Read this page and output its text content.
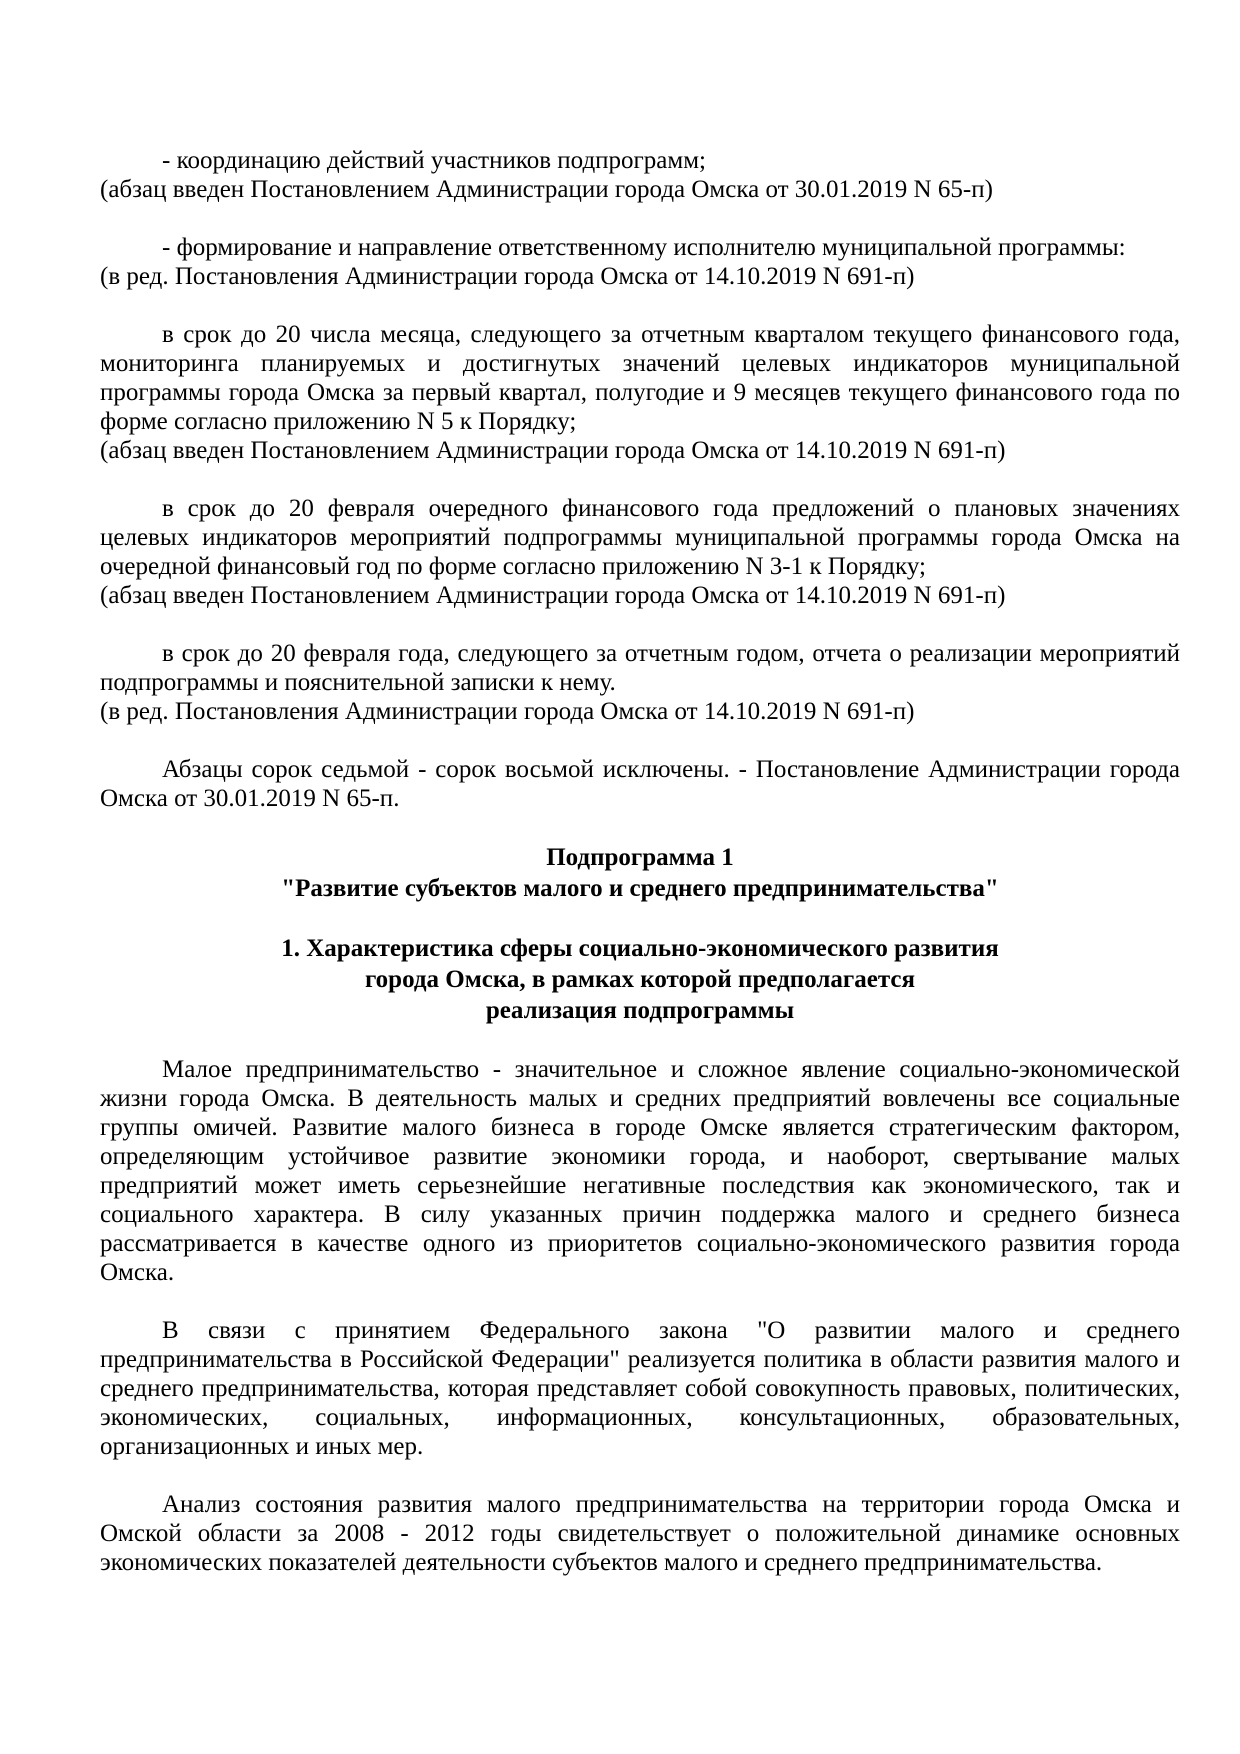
- координацию действий участников подпрограмм;

(абзац введен Постановлением Администрации города Омска от 30.01.2019 N 65-п)

- формирование и направление ответственному исполнителю муниципальной программы:

(в ред. Постановления Администрации города Омска от 14.10.2019 N 691-п)

в срок до 20 числа месяца, следующего за отчетным кварталом текущего финансового года, мониторинга планируемых и достигнутых значений целевых индикаторов муниципальной программы города Омска за первый квартал, полугодие и 9 месяцев текущего финансового года по форме согласно приложению N 5 к Порядку;

(абзац введен Постановлением Администрации города Омска от 14.10.2019 N 691-п)

в срок до 20 февраля очередного финансового года предложений о плановых значениях целевых индикаторов мероприятий подпрограммы муниципальной программы города Омска на очередной финансовый год по форме согласно приложению N 3-1 к Порядку;

(абзац введен Постановлением Администрации города Омска от 14.10.2019 N 691-п)

в срок до 20 февраля года, следующего за отчетным годом, отчета о реализации мероприятий подпрограммы и пояснительной записки к нему.

(в ред. Постановления Администрации города Омска от 14.10.2019 N 691-п)

Абзацы сорок седьмой - сорок восьмой исключены. - Постановление Администрации города Омска от 30.01.2019 N 65-п.

Подпрограмма 1
"Развитие субъектов малого и среднего предпринимательства"
1. Характеристика сферы социально-экономического развития
города Омска, в рамках которой предполагается
реализация подпрограммы

Малое предпринимательство - значительное и сложное явление социально-экономической жизни города Омска. В деятельность малых и средних предприятий вовлечены все социальные группы омичей. Развитие малого бизнеса в городе Омске является стратегическим фактором, определяющим устойчивое развитие экономики города, и наоборот, свертывание малых предприятий может иметь серьезнейшие негативные последствия как экономического, так и социального характера. В силу указанных причин поддержка малого и среднего бизнеса рассматривается в качестве одного из приоритетов социально-экономического развития города Омска.

В связи с принятием Федерального закона "О развитии малого и среднего предпринимательства в Российской Федерации" реализуется политика в области развития малого и среднего предпринимательства, которая представляет собой совокупность правовых, политических, экономических, социальных, информационных, консультационных, образовательных, организационных и иных мер.

Анализ состояния развития малого предпринимательства на территории города Омска и Омской области за 2008 - 2012 годы свидетельствует о положительной динамике основных экономических показателей деятельности субъектов малого и среднего предпринимательства.
